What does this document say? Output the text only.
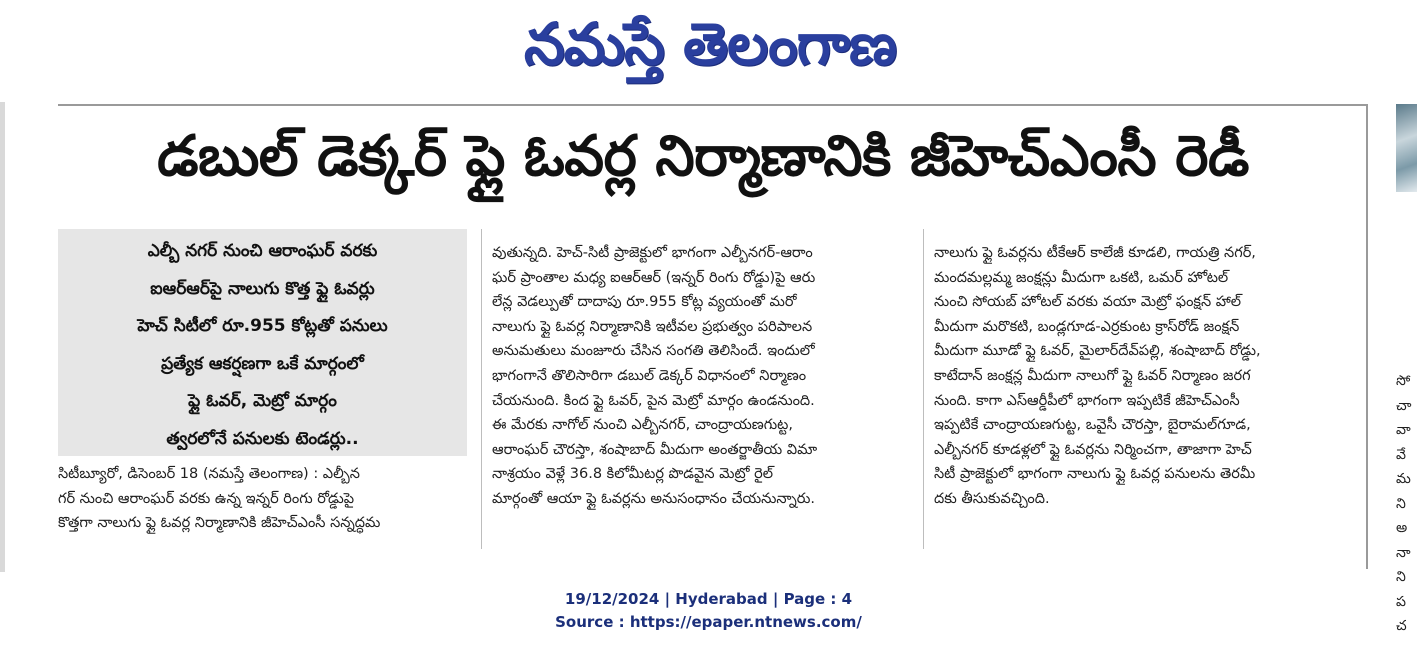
నమస్తే తెలంగాణ
డబుల్ డెక్కర్ ఫ్లై ఓవర్ల నిర్మాణానికి జీహెచ్ఎంసీ రెడీ
ఎల్బీ నగర్ నుంచి ఆరాంఘర్ వరకు
ఐఆర్ఆర్‌పై నాలుగు కొత్త ఫ్లై ఓవర్లు
హెచ్ సిటీలో రూ.955 కోట్లతో పనులు
ప్రత్యేక ఆకర్షణగా ఒకే మార్గంలో
ఫ్లై ఓవర్, మెట్రో మార్గం
త్వరలోనే పనులకు టెండర్లు..

సిటీబ్యూరో, డిసెంబర్ 18 (నమస్తే తెలంగాణ) : ఎల్బీన

గర్ నుంచి ఆరాంఘర్ వరకు ఉన్న ఇన్నర్ రింగు రోడ్డుపై

కొత్తగా నాలుగు ఫ్లై ఓవర్ల నిర్మాణానికి జీహెచ్ఎంసీ సన్నద్ధమ

వుతున్నది. హెచ్-సిటీ ప్రాజెక్టులో భాగంగా ఎల్బీనగర్-ఆరాం

ఘర్ ప్రాంతాల మధ్య ఐఆర్ఆర్ (ఇన్నర్ రింగు రోడ్డు)పై ఆరు

లేన్ల వెడల్పుతో దాదాపు రూ.955 కోట్ల వ్యయంతో మరో

నాలుగు ఫ్లై ఓవర్ల నిర్మాణానికి ఇటీవల ప్రభుత్వం పరిపాలన

అనుమతులు మంజూరు చేసిన సంగతి తెలిసిందే. ఇందులో

భాగంగానే తొలిసారిగా డబుల్ డెక్కర్ విధానంలో నిర్మాణం

చేయనుంది. కింద ఫ్లై ఓవర్, పైన మెట్రో మార్గం ఉండనుంది.

ఈ మేరకు నాగోల్ నుంచి ఎల్బీనగర్, చాంద్రాయణగుట్ట,

ఆరాంఘర్ చౌరస్తా, శంషాబాద్ మీదుగా అంతర్జాతీయ విమా

నాశ్రయం వెళ్లే 36.8 కిలోమీటర్ల పొడవైన మెట్రో రైల్

మార్గంతో ఆయా ఫ్లై ఓవర్లను అనుసంధానం చేయనున్నారు.

నాలుగు ఫ్లై ఓవర్లను టీకేఆర్ కాలేజీ కూడలి, గాయత్రి నగర్,

మందమల్లమ్మ జంక్షన్లు మీదుగా ఒకటి, ఒమర్ హోటల్

నుంచి సోయబ్ హోటల్ వరకు వయా మెట్రో ఫంక్షన్ హాల్

మీదుగా మరొకటి, బండ్లగూడ-ఎర్రకుంట క్రాస్‌రోడ్ జంక్షన్

మీదుగా మూడో ఫ్లై ఓవర్, మైలార్‌దేవ్‌పల్లి, శంషాబాద్ రోడ్డు,

కాటేదాన్ జంక్షన్ల మీదుగా నాలుగో ఫ్లై ఓవర్ నిర్మాణం జరగ

నుంది. కాగా ఎస్ఆర్డీపీలో భాగంగా ఇప్పటికే జీహెచ్ఎంసీ

ఇప్పటికే చాంద్రాయణగుట్ట, ఒవైసీ చౌరస్తా, బైరామల్‌గూడ,

ఎల్బీనగర్ కూడళ్లలో ఫ్లై ఓవర్లను నిర్మించగా, తాజాగా హెచ్

సిటీ ప్రాజెక్టులో భాగంగా నాలుగు ఫ్లై ఓవర్ల పనులను తెరమీ

దకు తీసుకువచ్చింది.

సో
చా
వా
వే
మ
ని
అ
నా
ని
ప
చ
19/12/2024 | Hyderabad | Page : 4
Source : https://epaper.ntnews.com/
